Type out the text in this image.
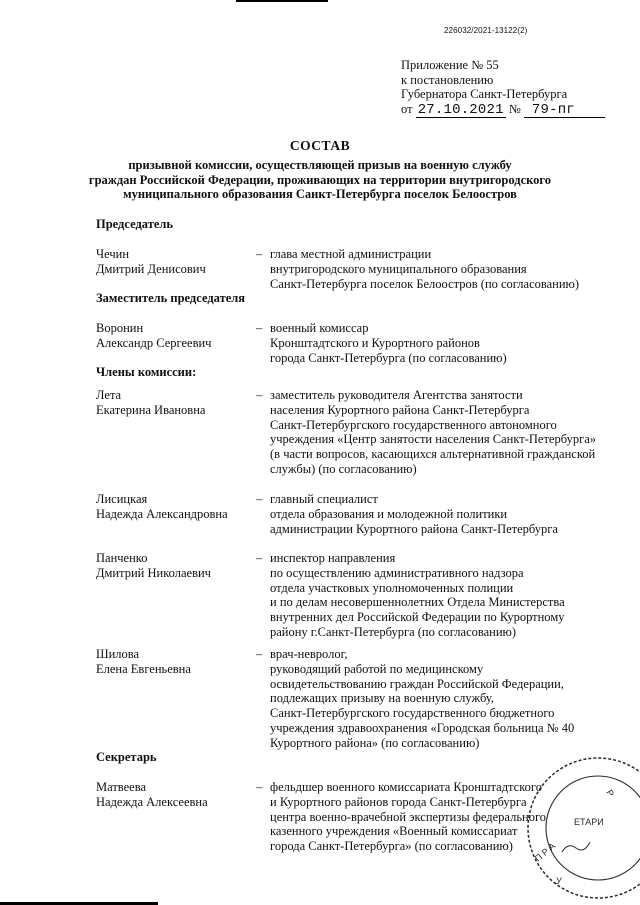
226032/2021-13122(2)
Приложение № 55
к постановлению
Губернатора Санкт-Петербурга
от 27.10.2021 № 79-пг
СОСТАВ
призывной комиссии, осуществляющей призыв на военную службу
граждан Российской Федерации, проживающих на территории внутригородского
муниципального образования Санкт-Петербурга поселок Белоостров
Председатель
Чечин
Дмитрий Денисович
– глава местной администрации
внутригородского муниципального образования
Санкт-Петербурга поселок Белоостров (по согласованию)
Заместитель председателя
Воронин
Александр Сергеевич
– военный комиссар
Кронштадтского и Курортного районов
города Санкт-Петербурга (по согласованию)
Члены комиссии:
Лета
Екатерина Ивановна
– заместитель руководителя Агентства занятости
населения Курортного района Санкт-Петербурга
Санкт-Петербургского государственного автономного
учреждения «Центр занятости населения Санкт-Петербурга»
(в части вопросов, касающихся альтернативной гражданской
службы) (по согласованию)
Лисицкая
Надежда Александровна
– главный специалист
отдела образования и молодежной политики
администрации Курортного района Санкт-Петербурга
Панченко
Дмитрий Николаевич
– инспектор направления
по осуществлению административного надзора
отдела участковых уполномоченных полиции
и по делам несовершеннолетних Отдела Министерства
внутренних дел Российской Федерации по Курортному
району г.Санкт-Петербурга (по согласованию)
Шилова
Елена Евгеньевна
– врач-невролог,
руководящий работой по медицинскому
освидетельствованию граждан Российской Федерации,
подлежащих призыву на военную службу,
Санкт-Петербургского государственного бюджетного
учреждения здравоохранения «Городская больница № 40
Курортного района» (по согласованию)
Секретарь
Матвеева
Надежда Алексеевна
– фельдшер военного комиссариата Кронштадтского
и Курортного районов города Санкт-Петербурга
центра военно-врачебной экспертизы федерального
казенного учреждения «Военный комиссариат
города Санкт-Петербурга» (по согласованию)
ЕТАРИ
П Р А
У
Р
